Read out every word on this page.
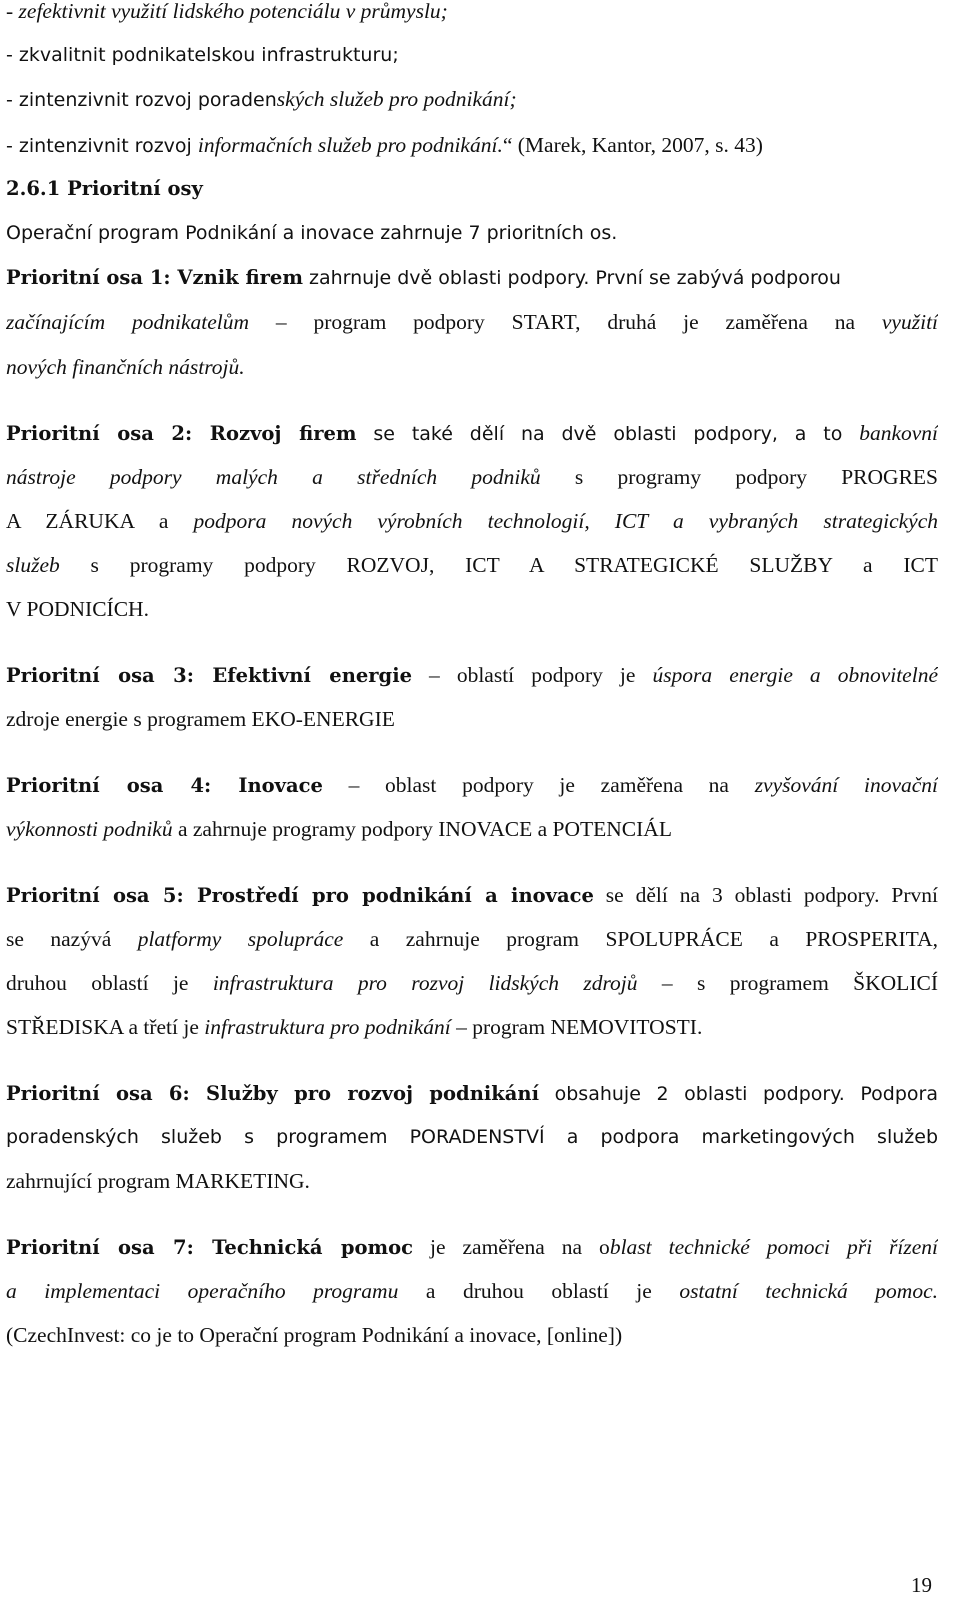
- zefektivnit využití lidského potenciálu v průmyslu;
- zkvalitnit podnikatelskou infrastrukturu;
- zintenzivnit rozvoj poradenských služeb pro podnikání;
- zintenzivnit rozvoj informačních služeb pro podnikání.“ (Marek, Kantor, 2007, s. 43)
2.6.1 Prioritní osy
Operační program Podnikání a inovace zahrnuje 7 prioritních os.
Prioritní osa 1: Vznik firem zahrnuje dvě oblasti podpory. První se zabývá podporou
začínajícím podnikatelům – program podpory START, druhá je zaměřena na využití
nových finančních nástrojů.
Prioritní osa 2: Rozvoj firem se také dělí na dvě oblasti podpory, a to bankovní
nástroje podpory malých a středních podniků s programy podpory PROGRES
A ZÁRUKA a podpora nových výrobních technologií, ICT a vybraných strategických
služeb s programy podpory ROZVOJ, ICT A STRATEGICKÉ SLUŽBY a ICT
V PODNICÍCH.
Prioritní osa 3: Efektivní energie – oblastí podpory je úspora energie a obnovitelné
zdroje energie s programem EKO-ENERGIE
Prioritní osa 4: Inovace – oblast podpory je zaměřena na zvyšování inovační
výkonnosti podniků a zahrnuje programy podpory INOVACE a POTENCIÁL
Prioritní osa 5: Prostředí pro podnikání a inovace se dělí na 3 oblasti podpory. První
se nazývá platformy spolupráce a zahrnuje program SPOLUPRÁCE a PROSPERITA,
druhou oblastí je infrastruktura pro rozvoj lidských zdrojů – s programem ŠKOLICÍ
STŘEDISKA a třetí je infrastruktura pro podnikání – program NEMOVITOSTI.
Prioritní osa 6: Služby pro rozvoj podnikání obsahuje 2 oblasti podpory. Podpora
poradenských služeb s programem PORADENSTVÍ a podpora marketingových služeb
zahrnující program MARKETING.
Prioritní osa 7: Technická pomoc je zaměřena na oblast technické pomoci při řízení
a implementaci operačního programu a druhou oblastí je ostatní technická pomoc.
(CzechInvest: co je to Operační program Podnikání a inovace, [online])
19
